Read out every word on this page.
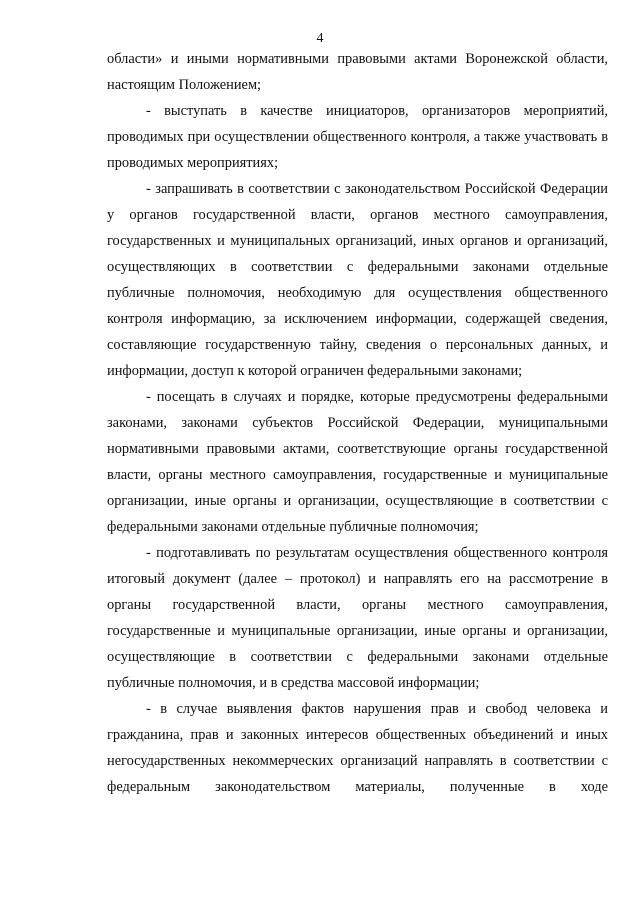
4

области» и иными нормативными правовыми актами Воронежской области, настоящим Положением;

- выступать в качестве инициаторов, организаторов мероприятий, проводимых при осуществлении общественного контроля, а также участвовать в проводимых мероприятиях;

- запрашивать в соответствии с законодательством Российской Федерации у органов государственной власти, органов местного самоуправления, государственных и муниципальных организаций, иных органов и организаций, осуществляющих в соответствии с федеральными законами отдельные публичные полномочия, необходимую для осуществления общественного контроля информацию, за исключением информации, содержащей сведения, составляющие государственную тайну, сведения о персональных данных, и информации, доступ к которой ограничен федеральными законами;

- посещать в случаях и порядке, которые предусмотрены федеральными законами, законами субъектов Российской Федерации, муниципальными нормативными правовыми актами, соответствующие органы государственной власти, органы местного самоуправления, государственные и муниципальные организации, иные органы и организации, осуществляющие в соответствии с федеральными законами отдельные публичные полномочия;

- подготавливать по результатам осуществления общественного контроля итоговый документ (далее – протокол) и направлять его на рассмотрение в органы государственной власти, органы местного самоуправления, государственные и муниципальные организации, иные органы и организации, осуществляющие в соответствии с федеральными законами отдельные публичные полномочия, и в средства массовой информации;

- в случае выявления фактов нарушения прав и свобод человека и гражданина, прав и законных интересов общественных объединений и иных негосударственных некоммерческих организаций направлять в соответствии с федеральным законодательством материалы, полученные в ходе
